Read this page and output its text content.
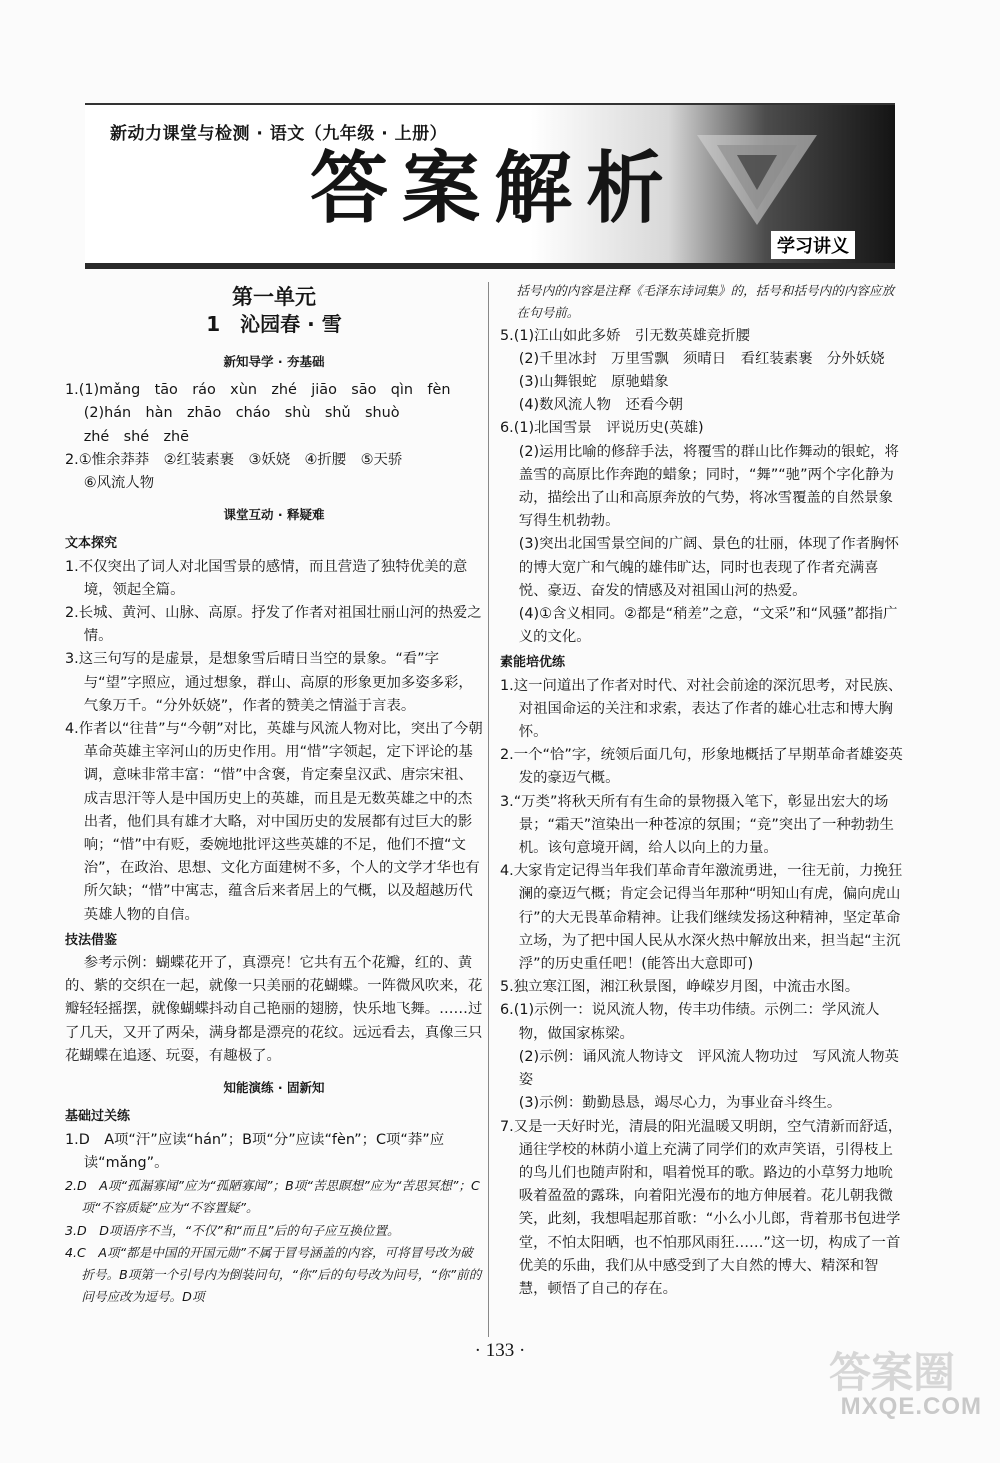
新动力课堂与检测 · 语文（九年级 · 上册）
答案解析
学习讲义
第一单元
1　沁园春 · 雪
新知导学 · 夯基础

1.(1)mǎng　tāo　ráo　xùn　zhé　jiāo　sāo　qìn　fèn

(2)hán　hàn　zhāo　cháo　shù　shǔ　shuò

zhé　shé　zhē

2.①惟余莽莽　②红装素裹　③妖娆　④折腰　⑤天骄

⑥风流人物

课堂互动 · 释疑难
文本探究

1.不仅突出了词人对北国雪景的感情，而且营造了独特优美的意境，领起全篇。

2.长城、黄河、山脉、高原。抒发了作者对祖国壮丽山河的热爱之情。

3.这三句写的是虚景，是想象雪后晴日当空的景象。“看”字与“望”字照应，通过想象，群山、高原的形象更加多姿多彩，气象万千。“分外妖娆”，作者的赞美之情溢于言表。

4.作者以“往昔”与“今朝”对比，英雄与风流人物对比，突出了今朝革命英雄主宰河山的历史作用。用“惜”字领起，定下评论的基调，意味非常丰富：“惜”中含褒，肯定秦皇汉武、唐宗宋祖、成吉思汗等人是中国历史上的英雄，而且是无数英雄之中的杰出者，他们具有雄才大略，对中国历史的发展都有过巨大的影响；“惜”中有贬，委婉地批评这些英雄的不足，他们不擅“文治”，在政治、思想、文化方面建树不多，个人的文学才华也有所欠缺；“惜”中寓志，蕴含后来者居上的气概，以及超越历代英雄人物的自信。

技法借鉴

参考示例：蝴蝶花开了，真漂亮！它共有五个花瓣，红的、黄的、紫的交织在一起，就像一只美丽的花蝴蝶。一阵微风吹来，花瓣轻轻摇摆，就像蝴蝶抖动自己艳丽的翅膀，快乐地飞舞。……过了几天，又开了两朵，满身都是漂亮的花纹。远远看去，真像三只花蝴蝶在追逐、玩耍，有趣极了。

知能演练 · 固新知
基础过关练

1.D　A项“汗”应读“hán”；B项“分”应读“fèn”；C项“莽”应读“mǎng”。

2.D　A项“孤漏寡闻”应为“孤陋寡闻”；B项“苦思瞑想”应为“苦思冥想”；C项“不容质疑”应为“不容置疑”。

3.D　D项语序不当，“不仅”和“而且”后的句子应互换位置。

4.C　A项“都是中国的开国元勋”不属于冒号涵盖的内容，可将冒号改为破折号。B项第一个引号内为倒装问句，“你”后的句号改为问号，“你”前的问号应改为逗号。D项

括号内的内容是注释《毛泽东诗词集》的，括号和括号内的内容应放在句号前。

5.(1)江山如此多娇　引无数英雄竞折腰

(2)千里冰封　万里雪飘　须晴日　看红装素裹　分外妖娆

(3)山舞银蛇　原驰蜡象

(4)数风流人物　还看今朝

6.(1)北国雪景　评说历史(英雄)

(2)运用比喻的修辞手法，将覆雪的群山比作舞动的银蛇，将盖雪的高原比作奔跑的蜡象；同时，“舞”“驰”两个字化静为动，描绘出了山和高原奔放的气势，将冰雪覆盖的自然景象写得生机勃勃。

(3)突出北国雪景空间的广阔、景色的壮丽，体现了作者胸怀的博大宽广和气魄的雄伟旷达，同时也表现了作者充满喜悦、豪迈、奋发的情感及对祖国山河的热爱。

(4)①含义相同。②都是“稍差”之意，“文采”和“风骚”都指广义的文化。

素能培优练

1.这一问道出了作者对时代、对社会前途的深沉思考，对民族、对祖国命运的关注和求索，表达了作者的雄心壮志和博大胸怀。

2.一个“恰”字，统领后面几句，形象地概括了早期革命者雄姿英发的豪迈气概。

3.“万类”将秋天所有有生命的景物摄入笔下，彰显出宏大的场景；“霜天”渲染出一种苍凉的氛围；“竞”突出了一种勃勃生机。该句意境开阔，给人以向上的力量。

4.大家肯定记得当年我们革命青年激流勇进，一往无前，力挽狂澜的豪迈气概；肯定会记得当年那种“明知山有虎，偏向虎山行”的大无畏革命精神。让我们继续发扬这种精神，坚定革命立场，为了把中国人民从水深火热中解放出来，担当起“主沉浮”的历史重任吧！(能答出大意即可)

5.独立寒江图，湘江秋景图，峥嵘岁月图，中流击水图。

6.(1)示例一：说风流人物，传丰功伟绩。示例二：学风流人物，做国家栋梁。

(2)示例：诵风流人物诗文　评风流人物功过　写风流人物英姿

(3)示例：勤勤恳恳，竭尽心力，为事业奋斗终生。

7.又是一天好时光，清晨的阳光温暖又明朗，空气清新而舒适，通往学校的林荫小道上充满了同学们的欢声笑语，引得枝上的鸟儿们也随声附和，唱着悦耳的歌。路边的小草努力地吮吸着盈盈的露珠，向着阳光漫布的地方伸展着。花儿朝我微笑，此刻，我想唱起那首歌：“小么小儿郎，背着那书包进学堂，不怕太阳晒，也不怕那风雨狂……”这一切，构成了一首优美的乐曲，我们从中感受到了大自然的博大、精深和智慧，顿悟了自己的存在。

· 133 ·	答案圈
MXQE.COM
